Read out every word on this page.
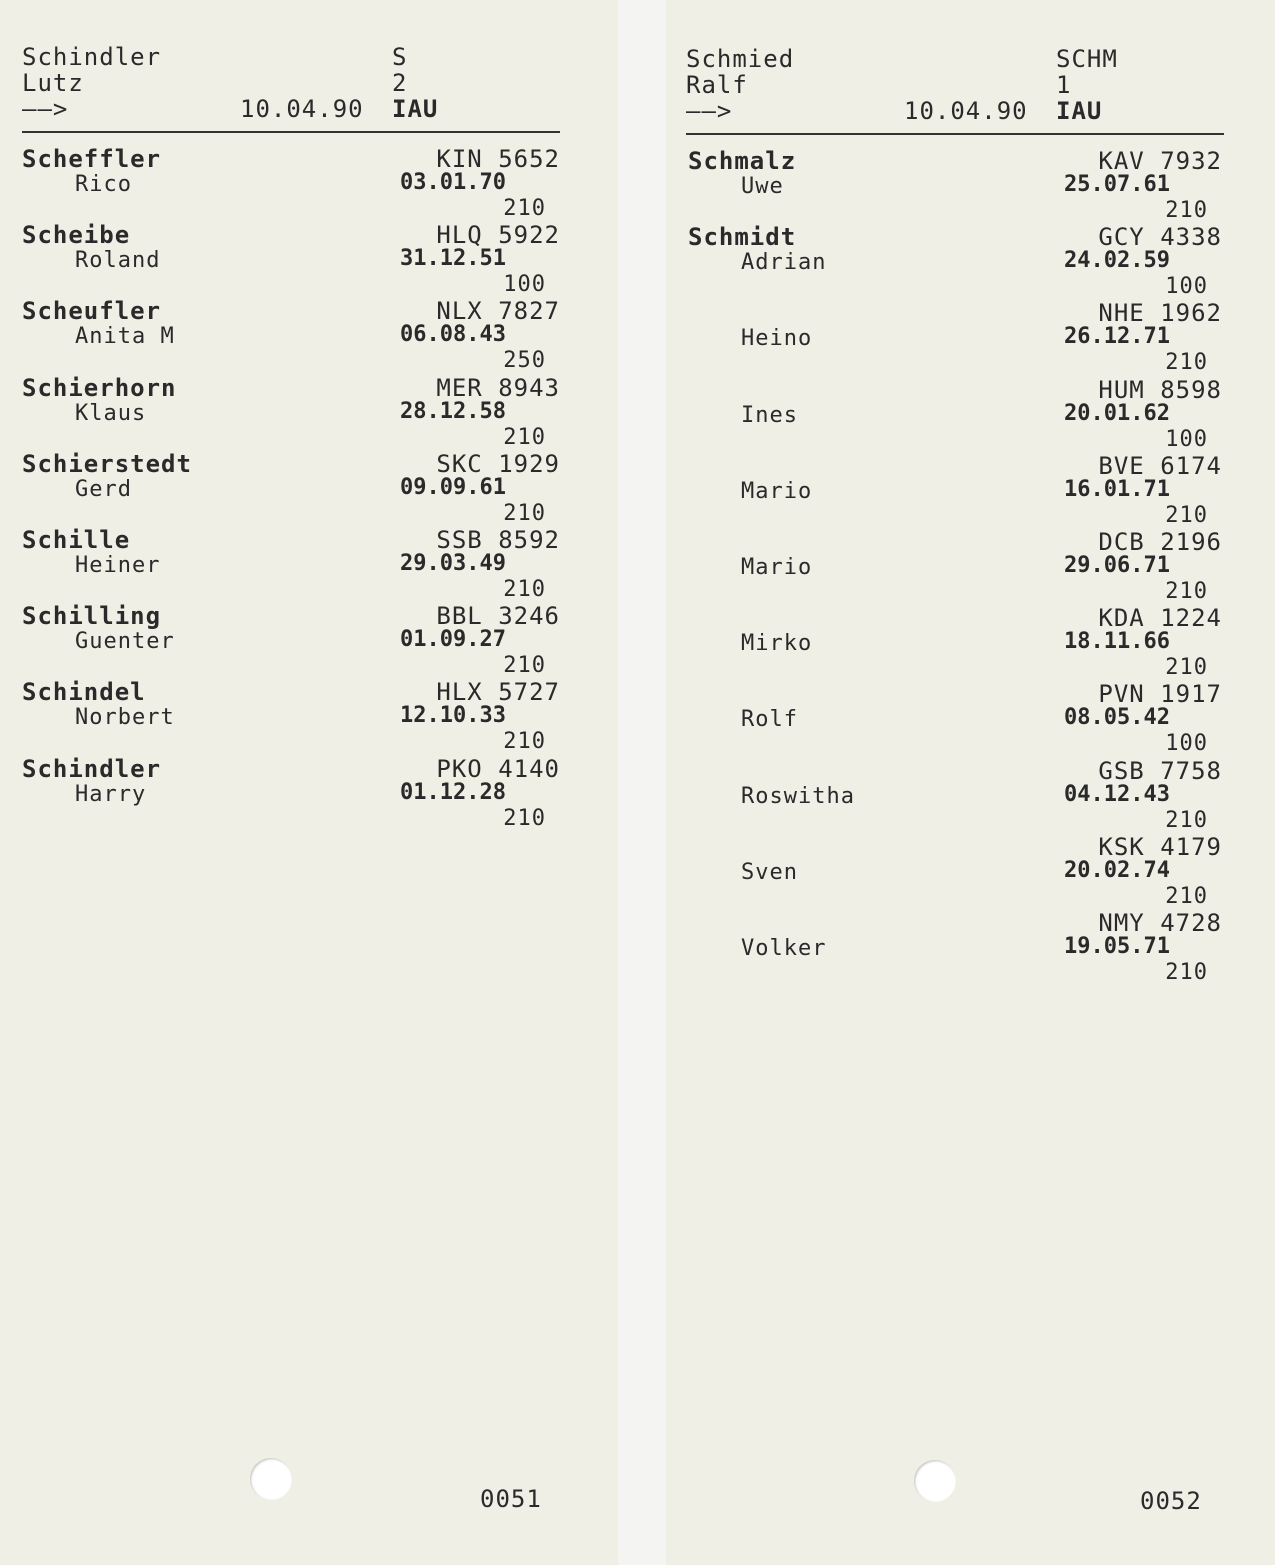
Schindler
Lutz
——>	10.04.90
S
2
IAU
Scheffler
Rico
KIN 5652
03.01.70
210
Scheibe
Roland
HLQ 5922
31.12.51
100
Scheufler
Anita M
NLX 7827
06.08.43
250
Schierhorn
Klaus
MER 8943
28.12.58
210
Schierstedt
Gerd
SKC 1929
09.09.61
210
Schille
Heiner
SSB 8592
29.03.49
210
Schilling
Guenter
BBL 3246
01.09.27
210
Schindel
Norbert
HLX 5727
12.10.33
210
Schindler
Harry
PKO 4140
01.12.28
210
0051
Schmied
Ralf
——>	10.04.90
SCHM
1
IAU
Schmalz
Uwe
KAV 7932
25.07.61
210
Schmidt
Adrian
GCY 4338
24.02.59
100
Heino
NHE 1962
26.12.71
210
Ines
HUM 8598
20.01.62
100
Mario
BVE 6174
16.01.71
210
Mario
DCB 2196
29.06.71
210
Mirko
KDA 1224
18.11.66
210
Rolf
PVN 1917
08.05.42
100
Roswitha
GSB 7758
04.12.43
210
Sven
KSK 4179
20.02.74
210
Volker
NMY 4728
19.05.71
210
0052
